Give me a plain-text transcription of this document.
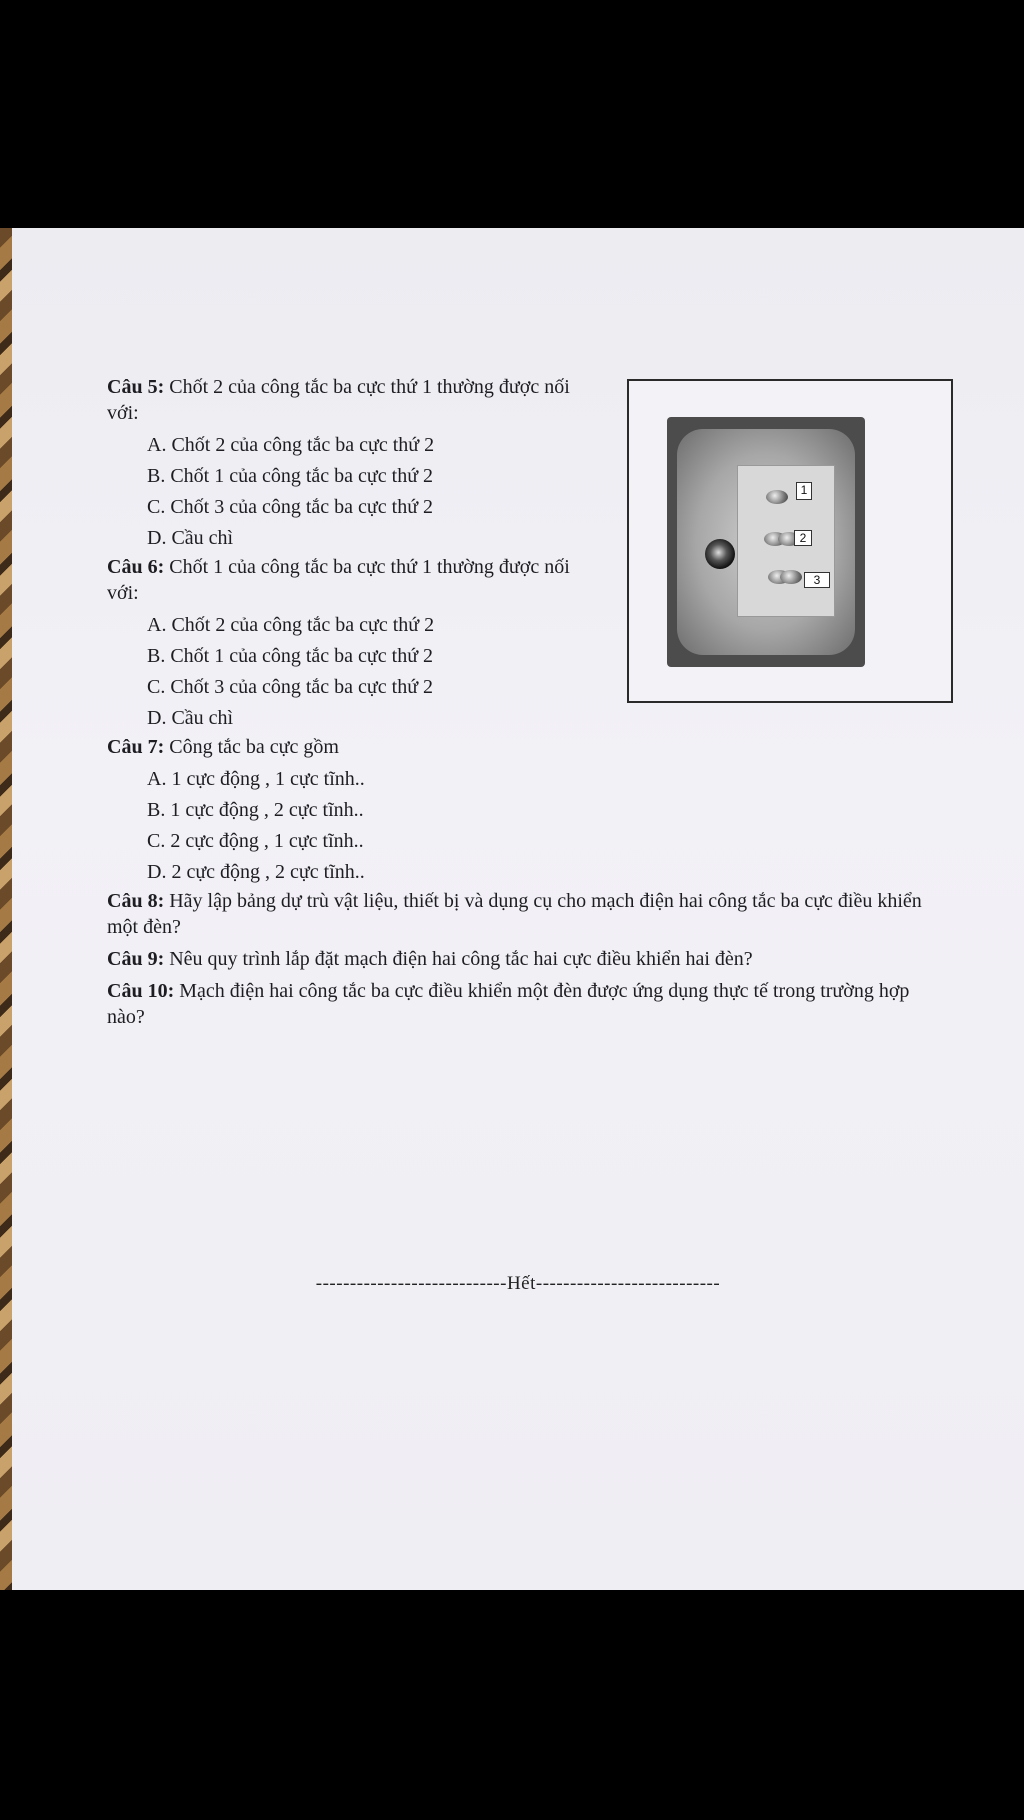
Câu 5: Chốt 2 của công tắc ba cực thứ 1 thường được nối với:

A. Chốt 2 của công tắc ba cực thứ 2
B. Chốt 1 của công tắc ba cực thứ 2
C. Chốt 3 của công tắc ba cực thứ 2
D. Cầu chì

Câu 6: Chốt 1 của công tắc ba cực thứ 1 thường được nối với:

A. Chốt 2 của công tắc ba cực thứ 2
B. Chốt 1 của công tắc ba cực thứ 2
C. Chốt 3 của công tắc ba cực thứ 2
D. Cầu chì

Câu 7: Công tắc ba cực gồm

A. 1 cực động , 1 cực tĩnh..
B. 1 cực động , 2 cực tĩnh..
C. 2 cực động , 1 cực tĩnh..
D. 2 cực động , 2 cực tĩnh..

Câu 8: Hãy lập bảng dự trù vật liệu, thiết bị và dụng cụ cho mạch điện hai công tắc ba cực điều khiển một đèn?

Câu 9: Nêu quy trình lắp đặt mạch điện hai công tắc hai cực điều khiển hai đèn?

Câu 10: Mạch điện hai công tắc ba cực điều khiển một đèn được ứng dụng thực tế trong trường hợp nào?

----------------------------Hết---------------------------
1
2
3
